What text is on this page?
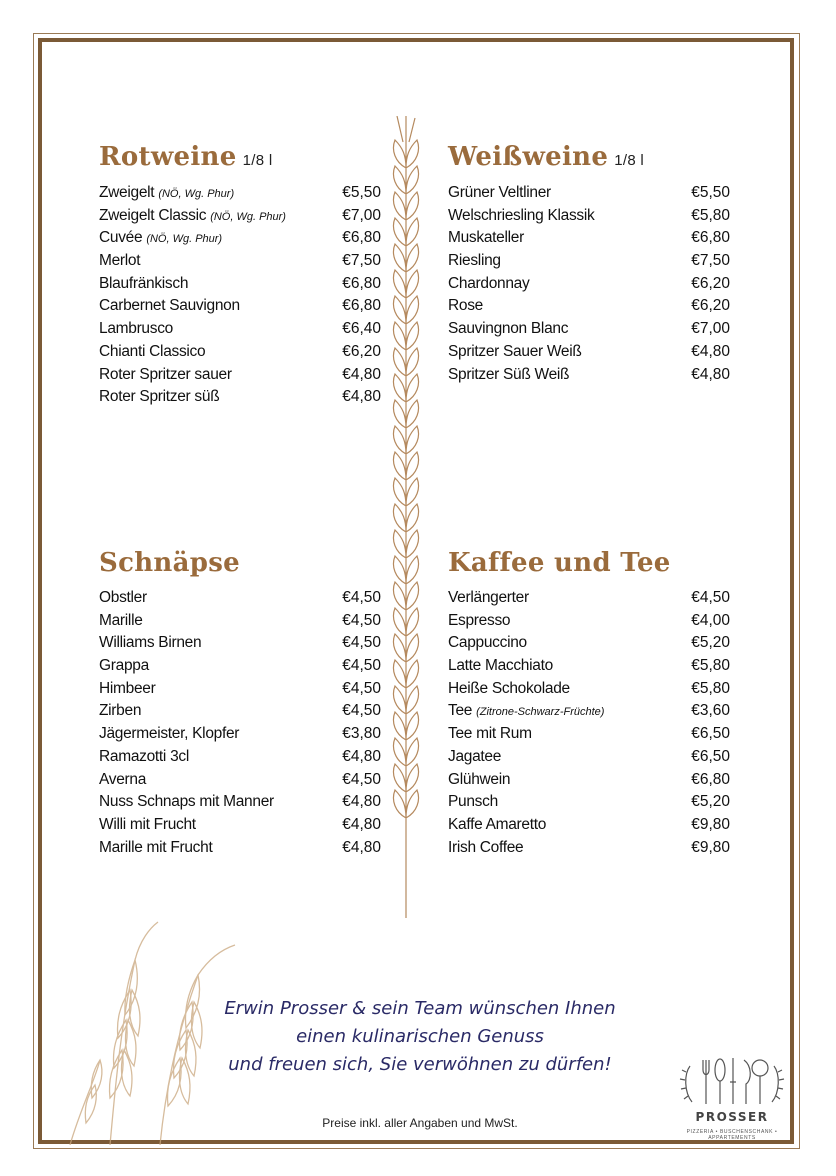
Rotweine 1/8 l
Zweigelt (NÖ, Wg. Phur)	€5,50
Zweigelt Classic (NÖ, Wg. Phur)	€7,00
Cuvée (NÖ, Wg. Phur)	€6,80
Merlot	€7,50
Blaufränkisch	€6,80
Carbernet Sauvignon	€6,80
Lambrusco	€6,40
Chianti Classico	€6,20
Roter Spritzer sauer	€4,80
Roter Spritzer süß	€4,80
Weißweine 1/8 l
Grüner Veltliner	€5,50
Welschriesling Klassik	€5,80
Muskateller	€6,80
Riesling	€7,50
Chardonnay	€6,20
Rose	€6,20
Sauvingnon Blanc	€7,00
Spritzer Sauer Weiß	€4,80
Spritzer Süß Weiß	€4,80
Schnäpse
Obstler	€4,50
Marille	€4,50
Williams Birnen	€4,50
Grappa	€4,50
Himbeer	€4,50
Zirben	€4,50
Jägermeister, Klopfer	€3,80
Ramazotti 3cl	€4,80
Averna	€4,50
Nuss Schnaps mit Manner	€4,80
Willi mit Frucht	€4,80
Marille mit Frucht	€4,80
Kaffee und Tee
Verlängerter	€4,50
Espresso	€4,00
Cappuccino	€5,20
Latte Macchiato	€5,80
Heiße Schokolade	€5,80
Tee (Zitrone-Schwarz-Früchte)	€3,60
Tee mit Rum	€6,50
Jagatee	€6,50
Glühwein	€6,80
Punsch	€5,20
Kaffe Amaretto	€9,80
Irish Coffee	€9,80
Erwin Prosser & sein Team wünschen Ihnen
einen kulinarischen Genuss
und freuen sich, Sie verwöhnen zu dürfen!
Preise inkl. aller Angaben und MwSt.	PROSSER
PIZZERIA • BUSCHENSCHANK • APPARTEMENTS
